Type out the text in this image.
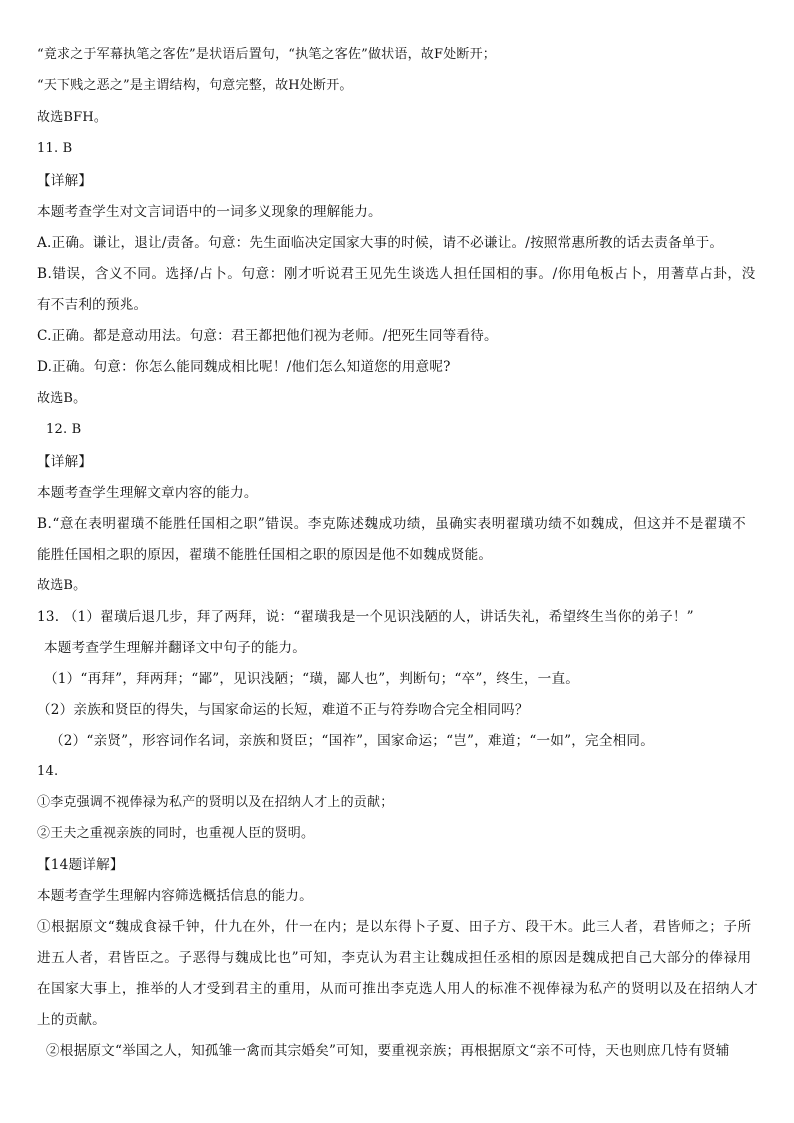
“竟求之于军幕执笔之客佐”是状语后置句，“执笔之客佐”做状语，故F处断开；
“天下贱之恶之”是主谓结构，句意完整，故H处断开。
故选BFH。
11. B
【详解】
本题考查学生对文言词语中的一词多义现象的理解能力。
A.正确。谦让，退让/责备。句意：先生面临决定国家大事的时候，请不必谦让。/按照常惠所教的话去责备单于。
B.错误，含义不同。选择/占卜。句意：刚才听说君王见先生谈选人担任国相的事。/你用龟板占卜，用蓍草占卦，没
有不吉利的预兆。
C.正确。都是意动用法。句意：君王都把他们视为老师。/把死生同等看待。
D.正确。句意：你怎么能同魏成相比呢！/他们怎么知道您的用意呢?
故选B。
12. B
【详解】
本题考查学生理解文章内容的能力。
B.“意在表明翟璜不能胜任国相之职”错误。李克陈述魏成功绩，虽确实表明翟璜功绩不如魏成，但这并不是翟璜不
能胜任国相之职的原因，翟璜不能胜任国相之职的原因是他不如魏成贤能。
故选B。
13. （1）翟璜后退几步，拜了两拜，说：“翟璜我是一个见识浅陋的人，讲话失礼，希望终生当你的弟子！”
本题考查学生理解并翻译文中句子的能力。
（1）“再拜”，拜两拜；“鄙”，见识浅陋；“璜，鄙人也”，判断句；“卒”，终生，一直。
（2）亲族和贤臣的得失，与国家命运的长短，难道不正与符券吻合完全相同吗？
（2）“亲贤”，形容词作名词，亲族和贤臣；“国祚”，国家命运；“岂”，难道；“一如”，完全相同。
14.
①李克强调不视俸禄为私产的贤明以及在招纳人才上的贡献；
②王夫之重视亲族的同时，也重视人臣的贤明。
【14题详解】
本题考查学生理解内容筛选概括信息的能力。
①根据原文“魏成食禄千钟，什九在外，什一在内；是以东得卜子夏、田子方、段干木。此三人者，君皆师之；子所
进五人者，君皆臣之。子恶得与魏成比也”可知，李克认为君主让魏成担任丞相的原因是魏成把自己大部分的俸禄用
在国家大事上，推举的人才受到君主的重用，从而可推出李克选人用人的标准不视俸禄为私产的贤明以及在招纳人才
上的贡献。
②根据原文“举国之人，知孤雏一禽而其宗婚矣”可知，要重视亲族；再根据原文“亲不可恃，天也则庶几恃有贤辅
